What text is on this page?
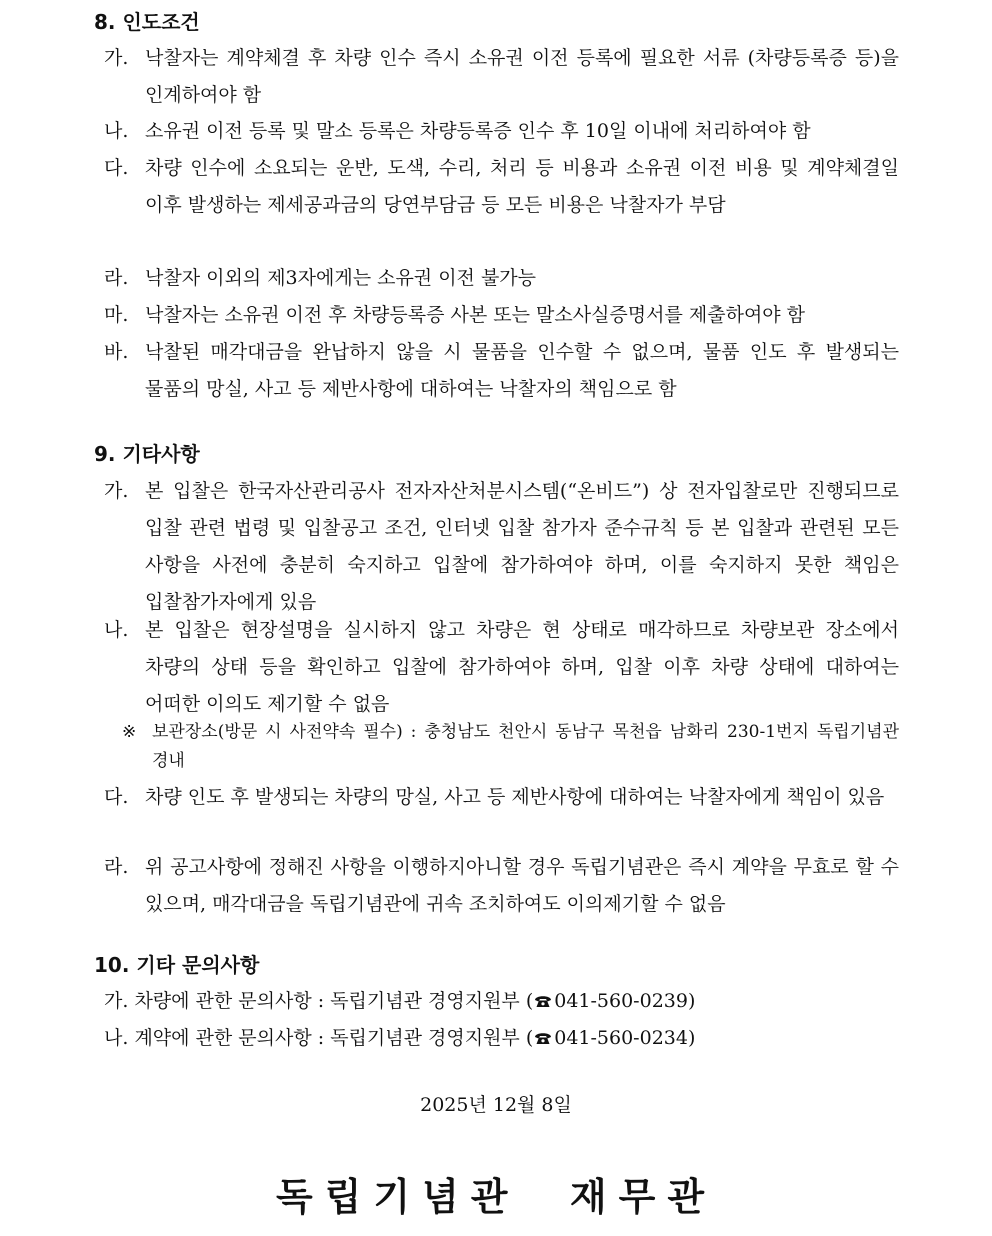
8. 인도조건
가. 낙찰자는 계약체결 후 차량 인수 즉시 소유권 이전 등록에 필요한 서류 (차량등록증 등)을 인계하여야 함
나. 소유권 이전 등록 및 말소 등록은 차량등록증 인수 후 10일 이내에 처리하여야 함
다. 차량 인수에 소요되는 운반, 도색, 수리, 처리 등 비용과 소유권 이전 비용 및 계약체결일 이후 발생하는 제세공과금의 당연부담금 등 모든 비용은 낙찰자가 부담
라. 낙찰자 이외의 제3자에게는 소유권 이전 불가능
마. 낙찰자는 소유권 이전 후 차량등록증 사본 또는 말소사실증명서를 제출하여야 함
바. 낙찰된 매각대금을 완납하지 않을 시 물품을 인수할 수 없으며, 물품 인도 후 발생되는 물품의 망실, 사고 등 제반사항에 대하여는 낙찰자의 책임으로 함
9. 기타사항
가. 본 입찰은 한국자산관리공사 전자자산처분시스템(“온비드”) 상 전자입찰로만 진행되므로 입찰 관련 법령 및 입찰공고 조건, 인터넷 입찰 참가자 준수규칙 등 본 입찰과 관련된 모든 사항을 사전에 충분히 숙지하고 입찰에 참가하여야 하며, 이를 숙지하지 못한 책임은 입찰참가자에게 있음
나. 본 입찰은 현장설명을 실시하지 않고 차량은 현 상태로 매각하므로 차량보관 장소에서 차량의 상태 등을 확인하고 입찰에 참가하여야 하며, 입찰 이후 차량 상태에 대하여는 어떠한 이의도 제기할 수 없음
※ 보관장소(방문 시 사전약속 필수) : 충청남도 천안시 동남구 목천읍 남화리 230-1번지 독립기념관 경내
다. 차량 인도 후 발생되는 차량의 망실, 사고 등 제반사항에 대하여는 낙찰자에게 책임이 있음
라. 위 공고사항에 정해진 사항을 이행하지아니할 경우 독립기념관은 즉시 계약을 무효로 할 수 있으며, 매각대금을 독립기념관에 귀속 조치하여도 이의제기할 수 없음
10. 기타 문의사항
가. 차량에 관한 문의사항 : 독립기념관 경영지원부 ( 041-560-0239)
나. 계약에 관한 문의사항 : 독립기념관 경영지원부 ( 041-560-0234)
2025년 12월 8일
독립기념관  재무관
